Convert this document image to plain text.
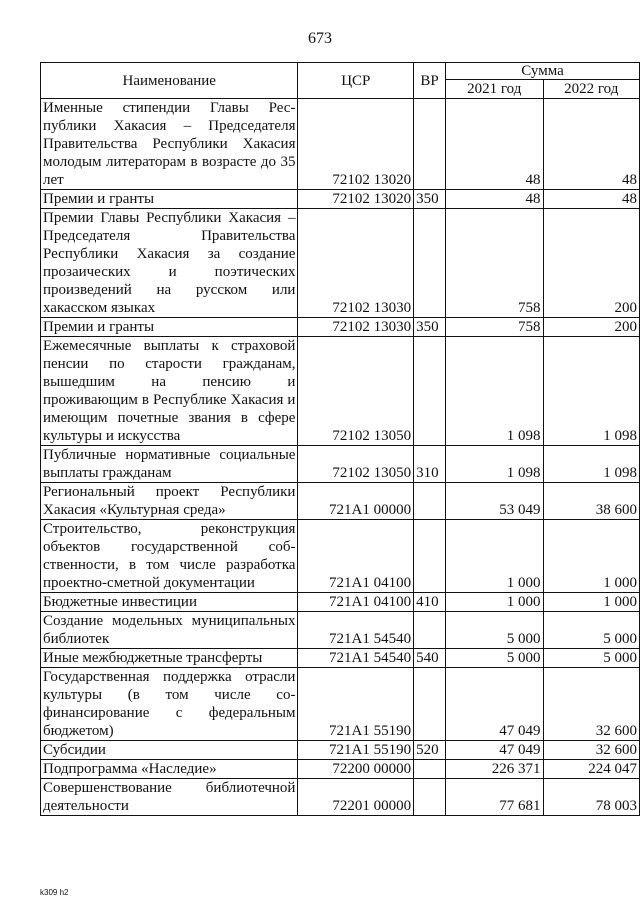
673
Наименование	ЦСР	ВР	Сумма	
			2021 год	2022 год
Именные стипендии Главы Республики Хакасия – Председателя Правительства Республики Хакасия молодым литераторам в возрасте до 35 лет	72102 13020		48	48
Премии и гранты	72102 13020	350	48	48
Премии Главы Республики Хакасия – Председателя Правительства Республики Хакасия за создание прозаических и поэтических произведений на русском или хакасском языках	72102 13030		758	200
Премии и гранты	72102 13030	350	758	200
Ежемесячные выплаты к страховой пенсии по старости гражданам, вышедшим на пенсию и проживающим в Республике Хакасия и имеющим почетные звания в сфере культуры и искусства	72102 13050		1 098	1 098
Публичные нормативные социальные выплаты гражданам	72102 13050	310	1 098	1 098
Региональный проект Республики Хакасия «Культурная среда»	721А1 00000		53 049	38 600
Строительство, реконструкция объектов государственной собственности, в том числе разработка проектно-сметной документации	721А1 04100		1 000	1 000
Бюджетные инвестиции	721А1 04100	410	1 000	1 000
Создание модельных муниципальных библиотек	721А1 54540		5 000	5 000
Иные межбюджетные трансферты	721А1 54540	540	5 000	5 000
Государственная поддержка отрасли культуры (в том числе софинансирование с федеральным бюджетом)	721А1 55190		47 049	32 600
Субсидии	721А1 55190	520	47 049	32 600
Подпрограмма «Наследие»	72200 00000		226 371	224 047
Совершенствование библиотечной деятельности	72201 00000		77 681	78 003
k309 h2
